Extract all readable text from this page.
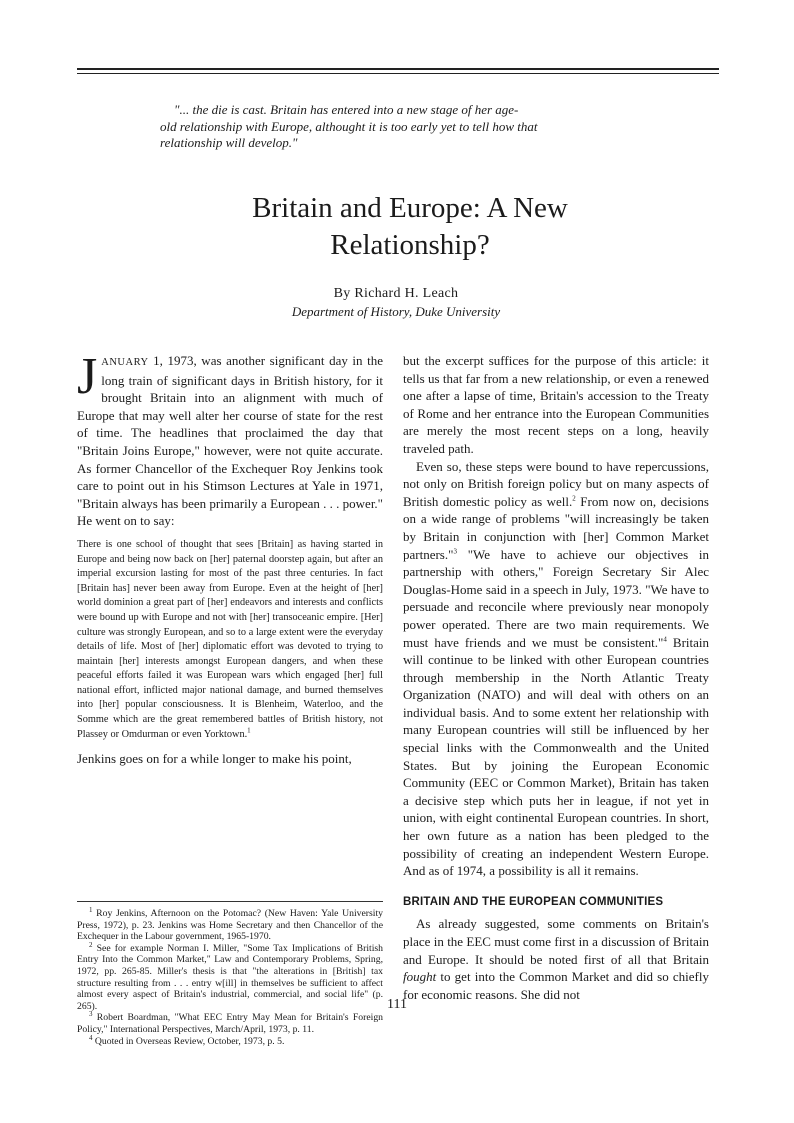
"... the die is cast. Britain has entered into a new stage of her age-
old relationship with Europe, althought it is too early yet to tell how that
relationship will develop."

Britain and Europe: A New
Relationship?

By Richard H. Leach

Department of History, Duke University

JANUARY 1, 1973, was another significant day in the long train of significant days in British history, for it brought Britain into an alignment with much of Europe that may well alter her course of state for the rest of time. The headlines that proclaimed the day that "Britain Joins Europe," however, were not quite accurate. As former Chancellor of the Exchequer Roy Jenkins took care to point out in his Stimson Lectures at Yale in 1971, "Britain always has been primarily a European . . . power." He went on to say:

There is one school of thought that sees [Britain] as having started in Europe and being now back on [her] paternal doorstep again, but after an imperial excursion lasting for most of the past three centuries. In fact [Britain has] never been away from Europe. Even at the height of [her] world dominion a great part of [her] endeavors and interests and conflicts were bound up with Europe and not with [her] transoceanic empire. [Her] culture was strongly European, and so to a large extent were the everyday details of life. Most of [her] diplomatic effort was devoted to trying to maintain [her] interests amongst European dangers, and when these peaceful efforts failed it was European wars which engaged [her] full national effort, inflicted major national damage, and burned themselves into [her] popular consciousness. It is Blenheim, Waterloo, and the Somme which are the great remembered battles of British history, not Plassey or Omdurman or even Yorktown.$^1$

Jenkins goes on for a while longer to make his point,

$^1$ Roy Jenkins, Afternoon on the Potomac? (New Haven: Yale University Press, 1972), p. 23. Jenkins was Home Secretary and then Chancellor of the Exchequer in the Labour government, 1965-1970.

$^2$ See for example Norman I. Miller, "Some Tax Implications of British Entry Into the Common Market," Law and Contemporary Problems, Spring, 1972, pp. 265-85. Miller's thesis is that "the alterations in [British] tax structure resulting from . . . entry w[ill] in themselves be sufficient to affect almost every aspect of Britain's industrial, commercial, and social life" (p. 265).

$^3$ Robert Boardman, "What EEC Entry May Mean for Britain's Foreign Policy," International Perspectives, March/April, 1973, p. 11.

$^4$ Quoted in Overseas Review, October, 1973, p. 5.

but the excerpt suffices for the purpose of this article: it tells us that far from a new relationship, or even a renewed one after a lapse of time, Britain's accession to the Treaty of Rome and her entrance into the European Communities are merely the most recent steps on a long, heavily traveled path.

Even so, these steps were bound to have repercussions, not only on British foreign policy but on many aspects of British domestic policy as well.$^2$ From now on, decisions on a wide range of problems "will increasingly be taken by Britain in conjunction with [her] Common Market partners."$^3$ "We have to achieve our objectives in partnership with others," Foreign Secretary Sir Alec Douglas-Home said in a speech in July, 1973. "We have to persuade and reconcile where previously near monopoly power operated. There are two main requirements. We must have friends and we must be consistent."$^4$ Britain will continue to be linked with other European countries through membership in the North Atlantic Treaty Organization (NATO) and will deal with others on an individual basis. And to some extent her relationship with many European countries will still be influenced by her special links with the Commonwealth and the United States. But by joining the European Economic Community (EEC or Common Market), Britain has taken a decisive step which puts her in league, if not yet in union, with eight continental European countries. In short, her own future as a nation has been pledged to the possibility of creating an independent Western Europe. And as of 1974, a possibility is all it remains.

BRITAIN AND THE EUROPEAN COMMUNITIES

As already suggested, some comments on Britain's place in the EEC must come first in a discussion of Britain and Europe. It should be noted first of all that Britain fought to get into the Common Market and did so chiefly for economic reasons. She did not

111
